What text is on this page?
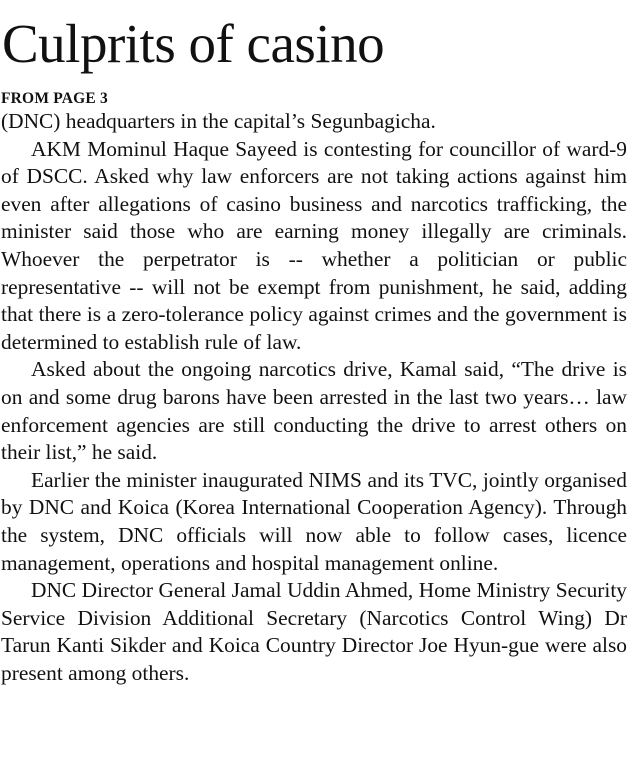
Culprits of casino
FROM PAGE 3

(DNC) headquarters in the capital’s Segunbagicha.

AKM Mominul Haque Sayeed is contesting for councillor of ward-9 of DSCC. Asked why law enforcers are not taking actions against him even after allegations of casino business and narcotics trafficking, the minister said those who are earning money illegally are criminals. Whoever the perpetrator is -- whether a politician or public representative -- will not be exempt from punishment, he said, adding that there is a zero-tolerance policy against crimes and the government is determined to establish rule of law.

Asked about the ongoing narcotics drive, Kamal said, “The drive is on and some drug barons have been arrested in the last two years… law enforcement agencies are still conducting the drive to arrest others on their list,” he said.

Earlier the minister inaugurated NIMS and its TVC, jointly organised by DNC and Koica (Korea International Cooperation Agency). Through the system, DNC officials will now able to follow cases, licence management, operations and hospital management online.

DNC Director General Jamal Uddin Ahmed, Home Ministry Security Service Division Additional Secretary (Narcotics Control Wing) Dr Tarun Kanti Sikder and Koica Country Director Joe Hyun-gue were also present among others.
